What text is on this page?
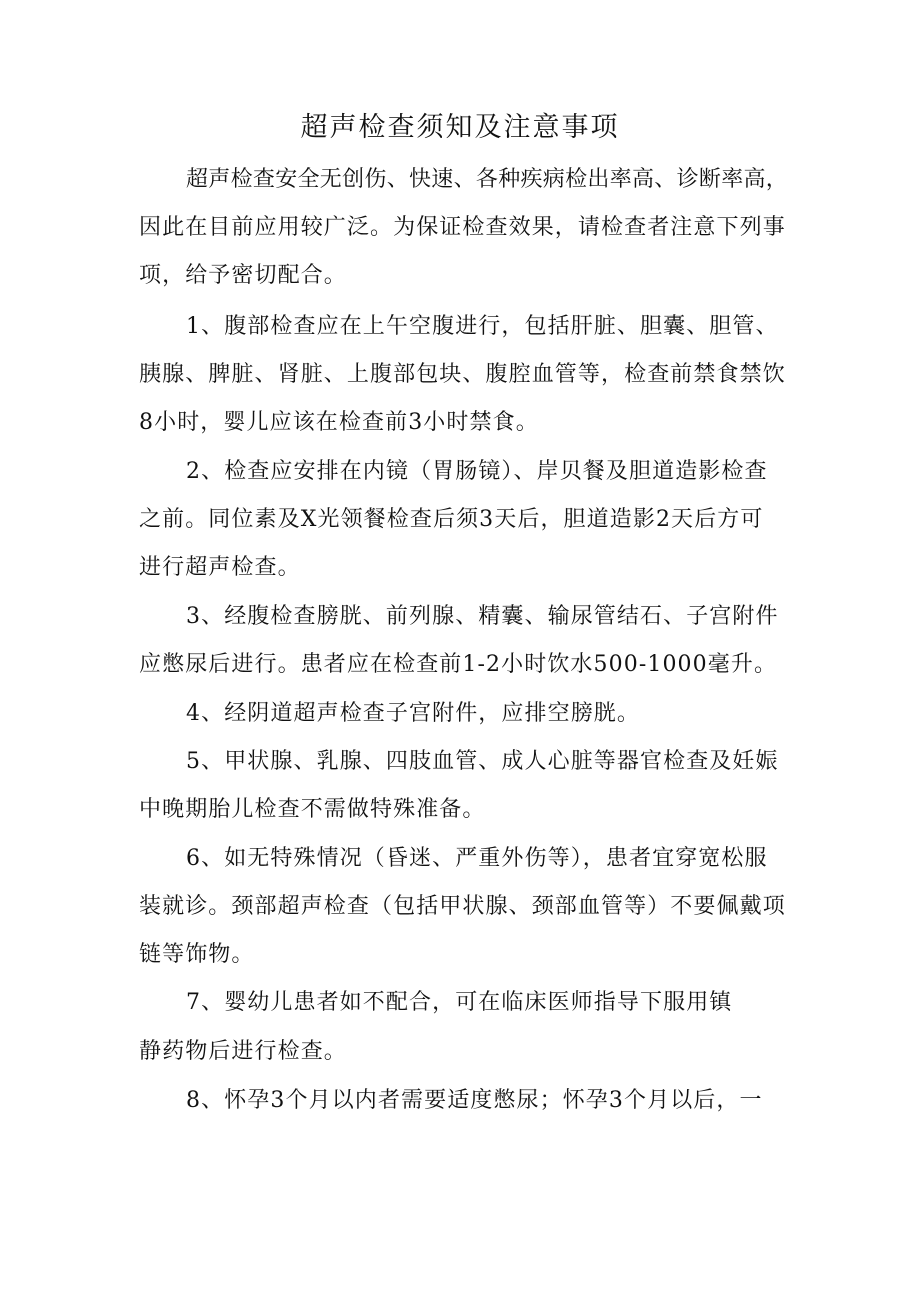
超声检查须知及注意事项
超声检查安全无创伤、快速、各种疾病检出率高、诊断率高，
因此在目前应用较广泛。为保证检查效果，请检查者注意下列事
项，给予密切配合。
1、腹部检查应在上午空腹进行，包括肝脏、胆囊、胆管、
胰腺、脾脏、肾脏、上腹部包块、腹腔血管等，检查前禁食禁饮
8小时，婴儿应该在检查前3小时禁食。
2、检查应安排在内镜（胃肠镜）、岸贝餐及胆道造影检查
之前。同位素及X光领餐检查后须3天后，胆道造影2天后方可
进行超声检查。
3、经腹检查膀胱、前列腺、精囊、输尿管结石、子宫附件
应憋尿后进行。患者应在检查前1-2小时饮水500-1000毫升。
4、经阴道超声检查子宫附件，应排空膀胱。
5、甲状腺、乳腺、四肢血管、成人心脏等器官检查及妊娠
中晚期胎儿检查不需做特殊准备。
6、如无特殊情况（昏迷、严重外伤等），患者宜穿宽松服
装就诊。颈部超声检查（包括甲状腺、颈部血管等）不要佩戴项
链等饰物。
7、婴幼儿患者如不配合，可在临床医师指导下服用镇
静药物后进行检查。
8、怀孕3个月以内者需要适度憋尿；怀孕3个月以后，一
